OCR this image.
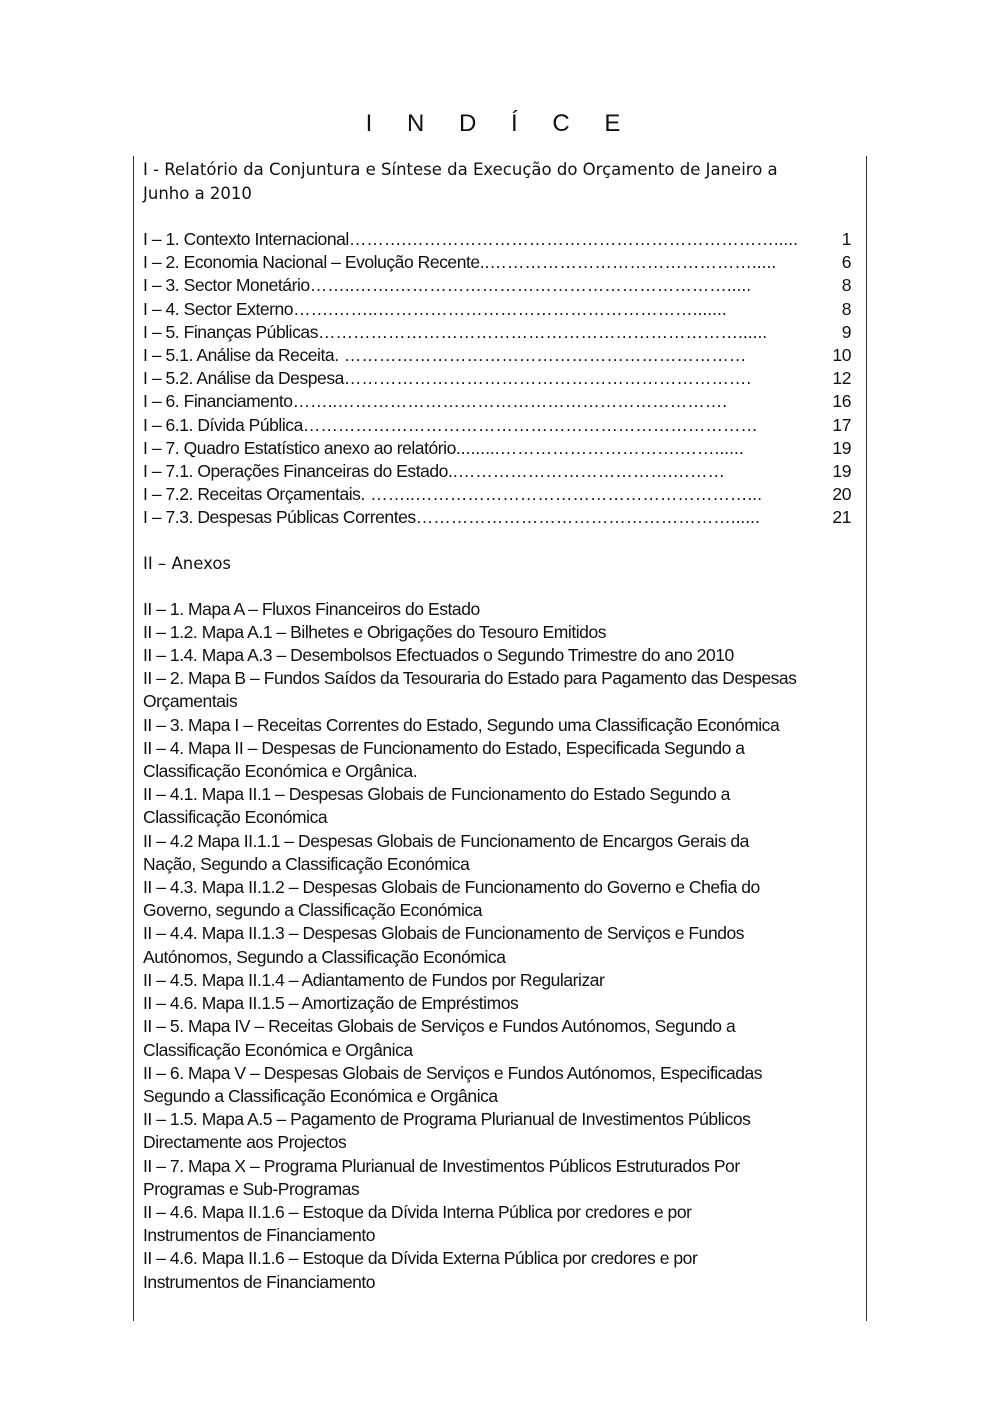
I N D Í C E

I - Relatório da Conjuntura e Síntese da Execução do Orçamento de Janeiro a
Junho a 2010

I – 1. Contexto Internacional ……….……………………………………………………….....	1
I – 2. Economia Nacional – Evolução Recente ..……………………………………….....	6
I – 3. Sector Monetário ……..…….………………………………………………….....	8
I – 4. Sector Externo …….……..……………………………………………….......	8
I – 5. Finanças Públicas ………………………………………………………………......	9
I – 5.1. Análise da Receita . ……………………………………………………………	10
I – 5.2. Análise da Despesa …………………………………………………………….	12
I – 6. Financiamento ……..………………………………………………………….	16
I – 6.1. Dívida Pública ……………………………………………………………………	17
I – 7. Quadro Estatístico anexo ao relatório .........………………………….……......	19
I – 7.1. Operações Financeiras do Estado ..……………………………….………	19
I – 7.2. Receitas Orçamentais . ……..…………………………………………………...	20
I – 7.3. Despesas Públicas Correntes ………………………………………………......	21

II – Anexos

II – 1. Mapa A – Fluxos Financeiros do Estado
II – 1.2. Mapa A.1 – Bilhetes e Obrigações do Tesouro Emitidos
II – 1.4. Mapa A.3 – Desembolsos Efectuados o Segundo Trimestre do ano 2010
II – 2. Mapa B – Fundos Saídos da Tesouraria do Estado para Pagamento das Despesas
Orçamentais
II – 3. Mapa I – Receitas Correntes do Estado, Segundo uma Classificação Económica
II – 4. Mapa II – Despesas de Funcionamento do Estado, Especificada Segundo a
Classificação Económica e Orgânica.
II – 4.1. Mapa II.1 – Despesas Globais de Funcionamento do Estado Segundo a
Classificação Económica
II – 4.2 Mapa II.1.1 – Despesas Globais de Funcionamento de Encargos Gerais da
Nação, Segundo a Classificação Económica
II – 4.3. Mapa II.1.2 – Despesas Globais de Funcionamento do Governo e Chefia do
Governo, segundo a Classificação Económica
II – 4.4. Mapa II.1.3 – Despesas Globais de Funcionamento de Serviços e Fundos
Autónomos, Segundo a Classificação Económica
II – 4.5. Mapa II.1.4 – Adiantamento de Fundos por Regularizar
II – 4.6. Mapa II.1.5 – Amortização de Empréstimos
II – 5. Mapa IV – Receitas Globais de Serviços e Fundos Autónomos, Segundo a
Classificação Económica e Orgânica
II – 6. Mapa V – Despesas Globais de Serviços e Fundos Autónomos, Especificadas
Segundo a Classificação Económica e Orgânica
II – 1.5. Mapa A.5 – Pagamento de Programa Plurianual de Investimentos Públicos
Directamente aos Projectos
II – 7. Mapa X – Programa Plurianual de Investimentos Públicos Estruturados Por
Programas e Sub-Programas
II – 4.6. Mapa II.1.6 – Estoque da Dívida Interna Pública por credores e por
Instrumentos de Financiamento
II – 4.6. Mapa II.1.6 – Estoque da Dívida Externa Pública por credores e por
Instrumentos de Financiamento
